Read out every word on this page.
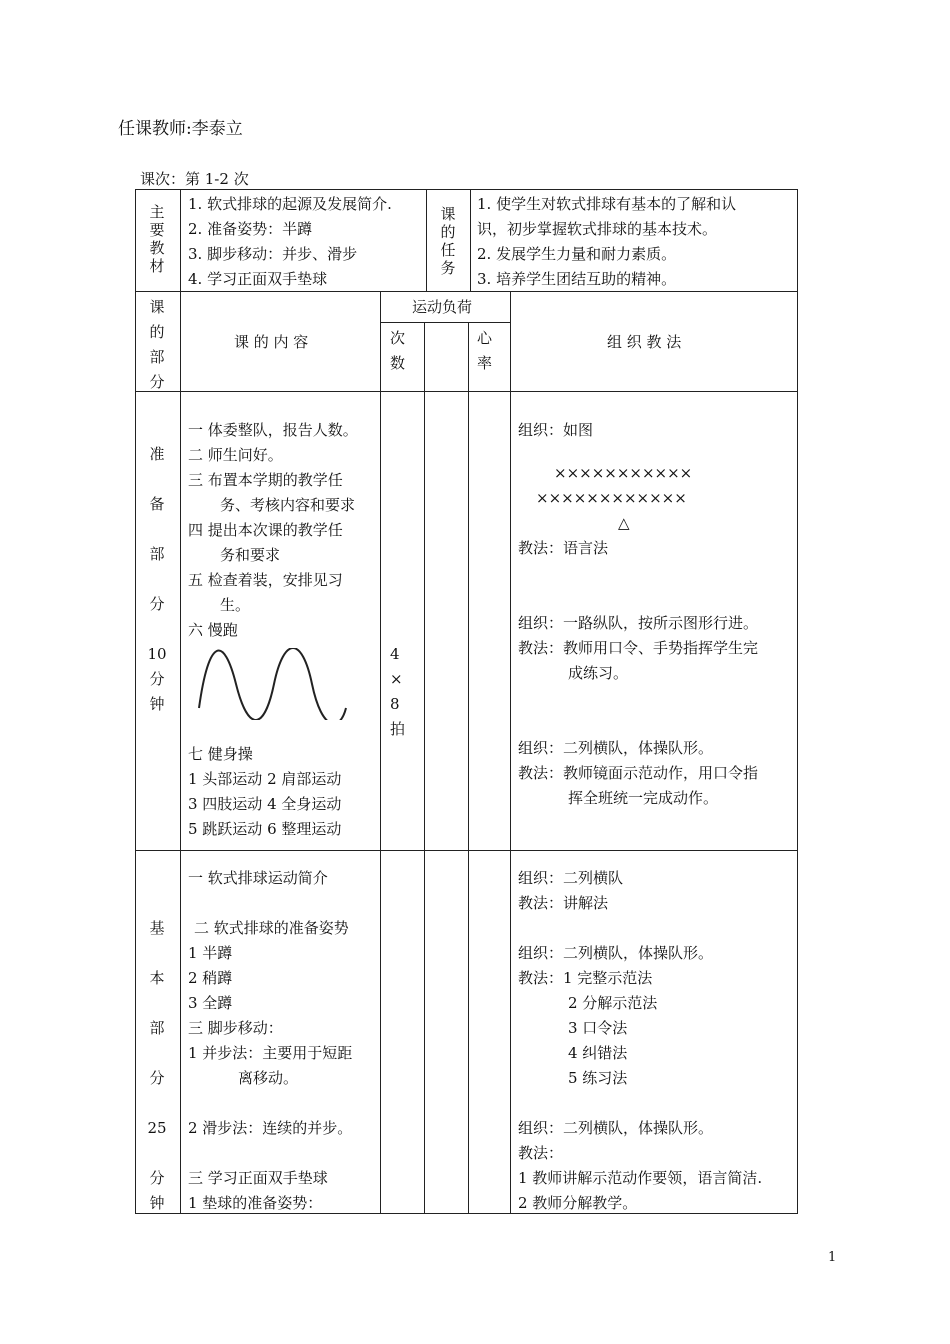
任课教师:李泰立
课次：第 1-2 次
主
要
教
材
1. 软式排球的起源及发展简介.
2. 准备姿势：半蹲
3. 脚步移动：并步、滑步
4. 学习正面双手垫球
课
的
任
务
1. 使学生对软式排球有基本的了解和认
识，初步掌握软式排球的基本技术。
2. 发展学生力量和耐力素质。
3. 培养学生团结互助的精神。
课
的
部
分
课 的 内 容
运动负荷
次
数
心
率
组 织 教 法
准
备
部
分
10
分
钟
一 体委整队，报告人数。
二 师生问好。
三 布置本学期的教学任
务、考核内容和要求
四 提出本次课的教学任
务和要求
五 检查着装，安排见习
生。
六 慢跑
七 健身操
1 头部运动 2 肩部运动
3 四肢运动 4 全身运动
5 跳跃运动 6 整理运动
4
×
8
拍
组织：如图
×××××××××××
××××××××××××
△
教法：语言法
组织：一路纵队，按所示图形行进。
教法：教师用口令、手势指挥学生完
成练习。
组织：二列横队，体操队形。
教法：教师镜面示范动作，用口令指
挥全班统一完成动作。
基
本
部
分
25
分
钟
一 软式排球运动简介
二 软式排球的准备姿势
1 半蹲
2 稍蹲
3 全蹲
三 脚步移动：
1 并步法：主要用于短距
离移动。
2 滑步法：连续的并步。
三 学习正面双手垫球
1 垫球的准备姿势：
组织：二列横队
教法：讲解法
组织：二列横队，体操队形。
教法：1 完整示范法
2 分解示范法
3 口令法
4 纠错法
5 练习法
组织：二列横队，体操队形。
教法：
1 教师讲解示范动作要领，语言简洁.
2 教师分解教学。
1
